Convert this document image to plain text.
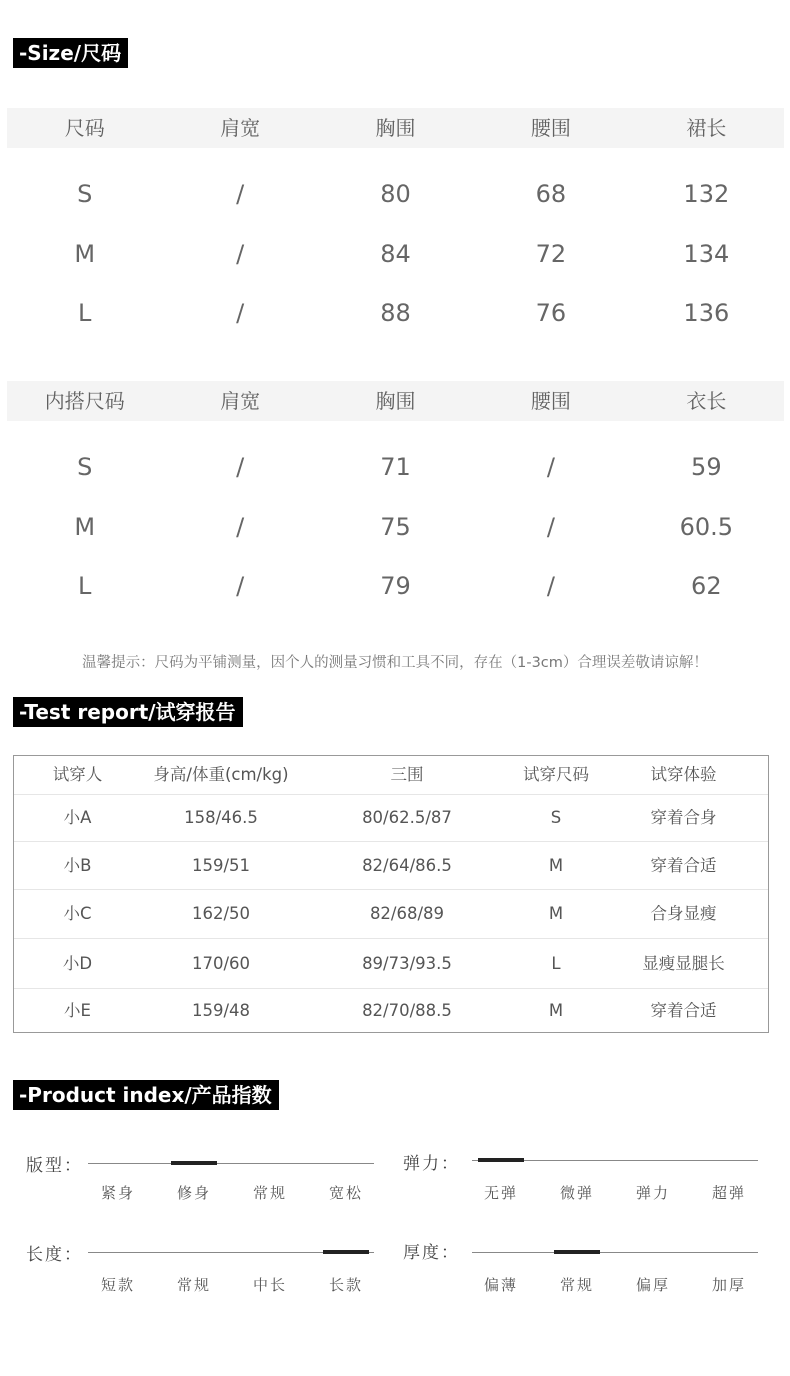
-Size/尺码
尺码	肩宽	胸围	腰围	裙长
S	/	80	68	132
M	/	84	72	134
L	/	88	76	136
内搭尺码	肩宽	胸围	腰围	衣长
S	/	71	/	59
M	/	75	/	60.5
L	/	79	/	62
温馨提示：尺码为平铺测量，因个人的测量习惯和工具不同，存在（1-3cm）合理误差敬请谅解！
-Test report/试穿报告
试穿人	身高/体重(cm/kg)	三围	试穿尺码	试穿体验
小A	158/46.5	80/62.5/87	S	穿着合身
小B	159/51	82/64/86.5	M	穿着合适
小C	162/50	82/68/89	M	合身显瘦
小D	170/60	89/73/93.5	L	显瘦显腿长
小E	159/48	82/70/88.5	M	穿着合适
-Product index/产品指数
版型：
紧身	修身	常规	宽松
弹力：
无弹	微弹	弹力	超弹
长度：
短款	常规	中长	长款
厚度：
偏薄	常规	偏厚	加厚
